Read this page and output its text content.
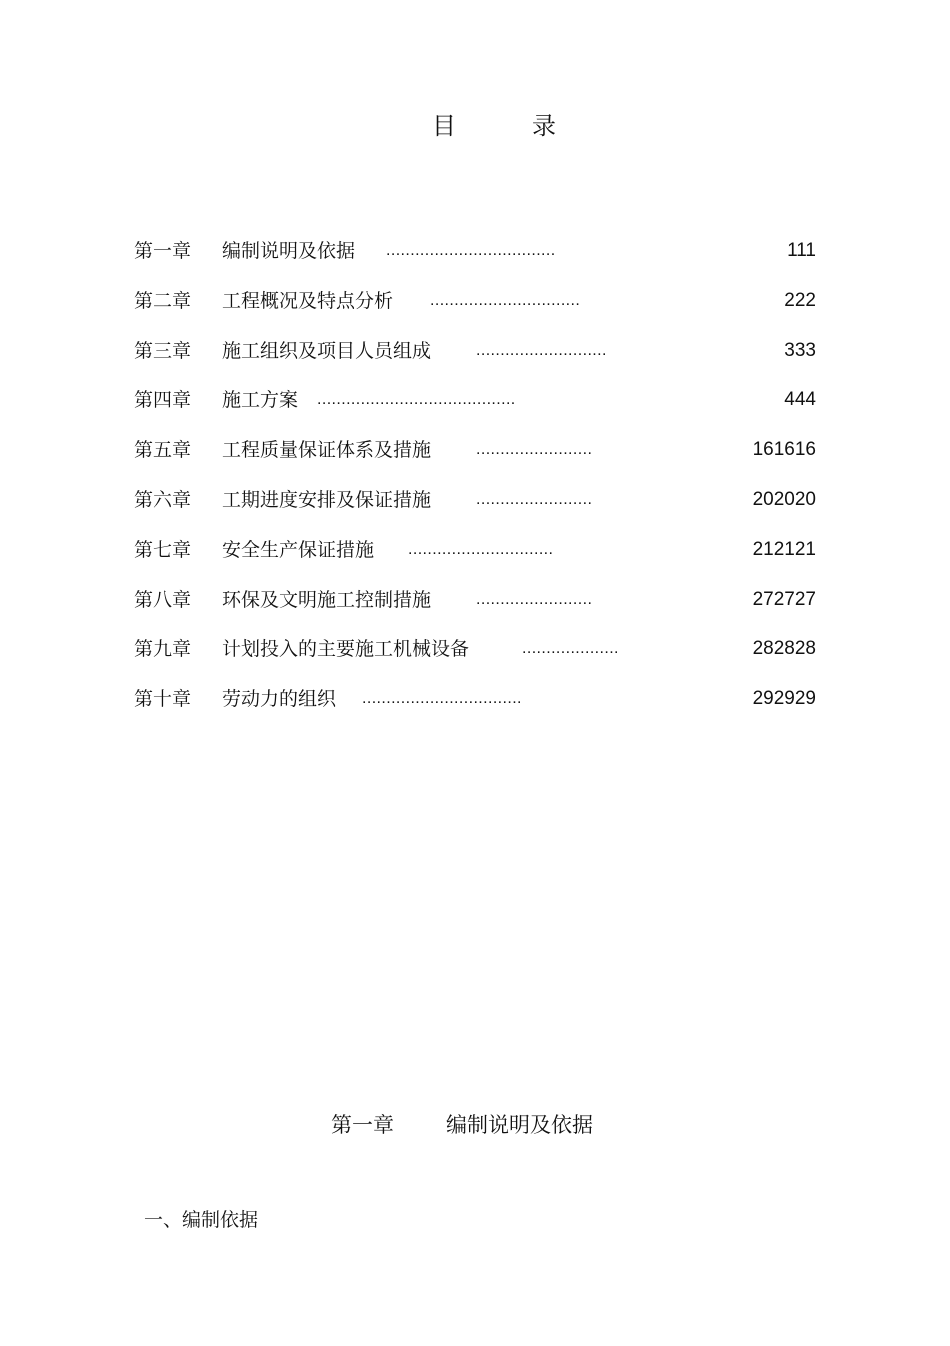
目	录
第一章 编制说明及依据 ...................................	111
第二章 工程概况及特点分析 ...............................	222
第三章 施工组织及项目人员组成	...........................	333
第四章 施工方案 .........................................	444
第五章 工程质量保证体系及措施	........................	161616
第六章 工期进度安排及保证措施	........................	202020
第七章 安全生产保证措施 ..............................	212121
第八章 环保及文明施工控制措施	........................	272727
第九章 计划投入的主要施工机械设备	....................	282828
第十章 劳动力的组织 .................................	292929
第一章 编制说明及依据
一、编制依据
